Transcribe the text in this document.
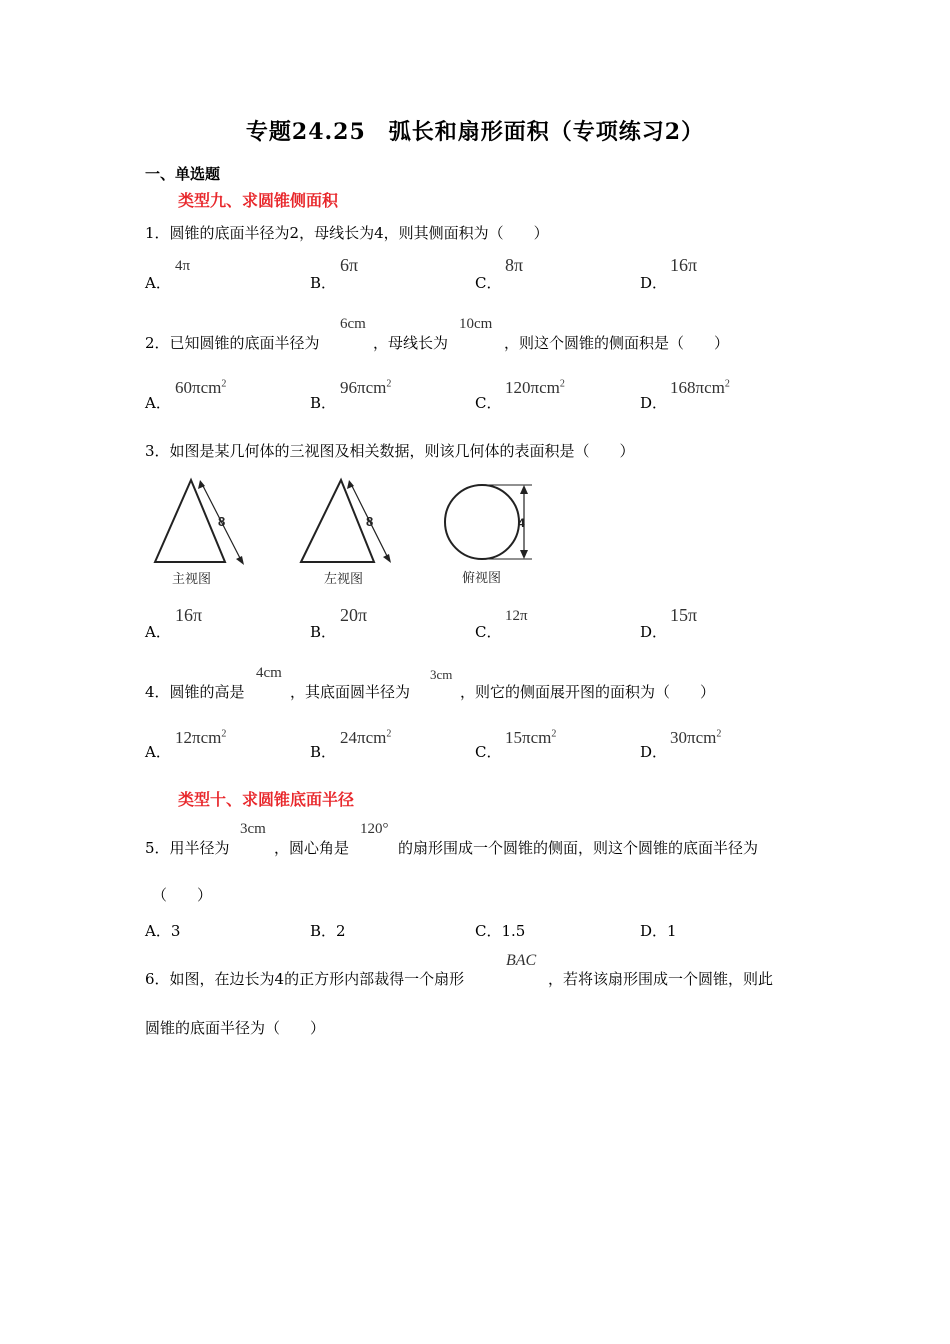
专题24.25　弧长和扇形面积（专项练习2）
一、单选题
类型九、求圆锥侧面积
1．圆锥的底面半径为2，母线长为4，则其侧面积为（　　）
A．
4π
B．
6π
C．
8π
D．
16π
2．已知圆锥的底面半径为
6cm
，母线长为
10cm
，则这个圆锥的侧面积是（　　）
A．
60πcm$^2$
B．
96πcm$^2$
C．
120πcm$^2$
D．
168πcm$^2$
3．如图是某几何体的三视图及相关数据，则该几何体的表面积是（　　）
8
主视图
8
左视图
4
俯视图
A．
16π
B．
20π
C．
12π
D．
15π
4．圆锥的高是
4cm
，其底面圆半径为
3cm
，则它的侧面展开图的面积为（　　）
A．
12πcm$^2$
B．
24πcm$^2$
C．
15πcm$^2$
D．
30πcm$^2$
类型十、求圆锥底面半径
5．用半径为
3cm
，圆心角是
120°
的扇形围成一个圆锥的侧面，则这个圆锥的底面半径为
（　　）
A．3	B．2	C．1.5	D．1
6．如图，在边长为4的正方形内部裁得一个扇形
BAC
，若将该扇形围成一个圆锥，则此
圆锥的底面半径为（　　）
